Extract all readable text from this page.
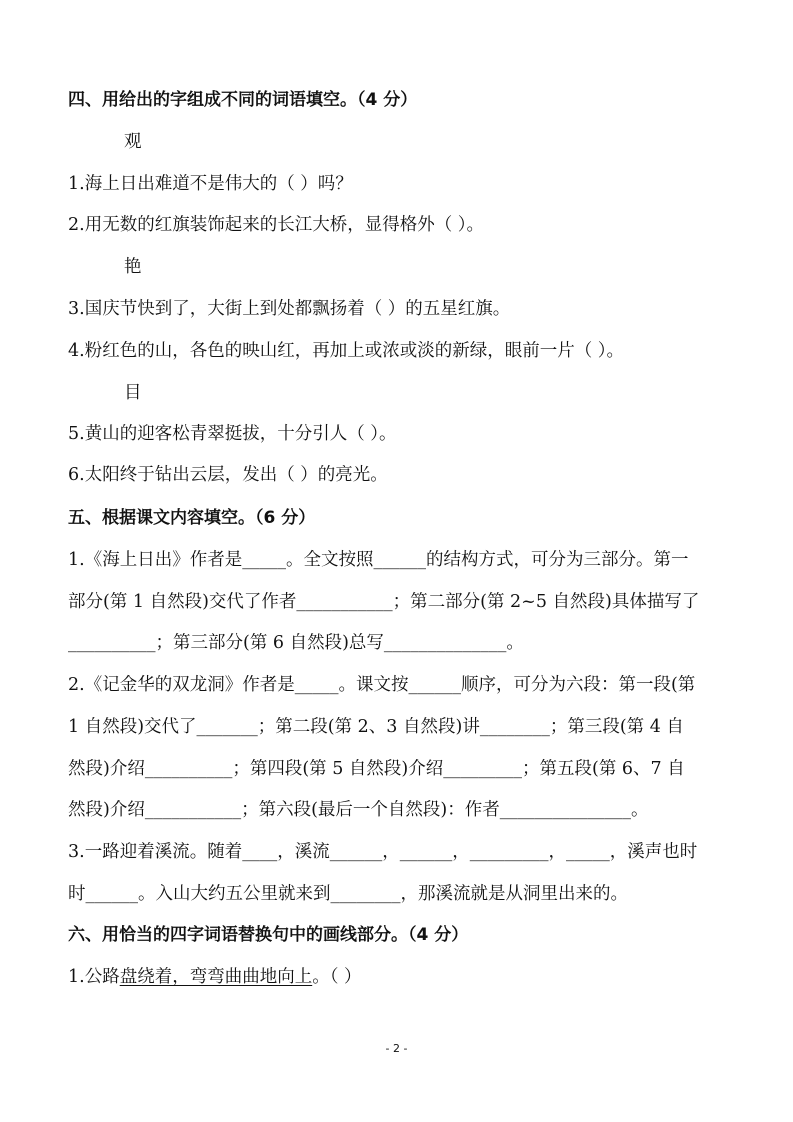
四、用给出的字组成不同的词语填空。（4 分）
观
1.海上日出难道不是伟大的（ ）吗？
2.用无数的红旗装饰起来的长江大桥，显得格外（ ）。
艳
3.国庆节快到了，大街上到处都飘扬着（ ）的五星红旗。
4.粉红色的山，各色的映山红，再加上或浓或淡的新绿，眼前一片（ ）。
目
5.黄山的迎客松青翠挺拔，十分引人（ ）。
6.太阳终于钻出云层，发出（ ）的亮光。
五、根据课文内容填空。（6 分）
1.《海上日出》作者是_____。全文按照______的结构方式，可分为三部分。第一
部分(第 1 自然段)交代了作者___________；第二部分(第 2~5 自然段)具体描写了
__________；第三部分(第 6 自然段)总写______________。
2.《记金华的双龙洞》作者是_____。课文按______顺序，可分为六段：第一段(第
1 自然段)交代了_______；第二段(第 2、3 自然段)讲________；第三段(第 4 自
然段)介绍__________；第四段(第 5 自然段)介绍_________；第五段(第 6、7 自
然段)介绍___________；第六段(最后一个自然段)：作者_______________。
3.一路迎着溪流。随着____，溪流______，______，_________，_____，溪声也时
时______。入山大约五公里就来到________，那溪流就是从洞里出来的。
六、用恰当的四字词语替换句中的画线部分。（4 分）
1.公路盘绕着，弯弯曲曲地向上。（ ）
- 2 -
